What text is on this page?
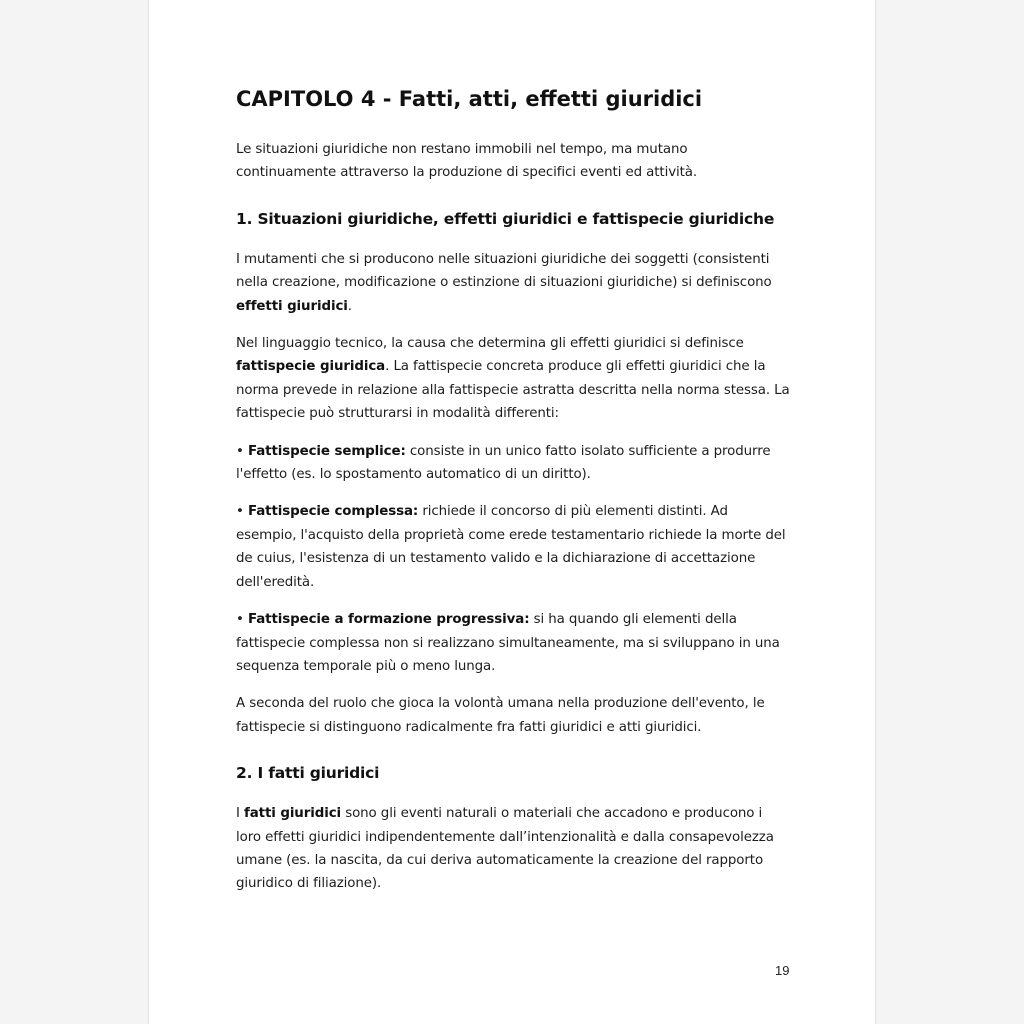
CAPITOLO 4 - Fatti, atti, effetti giuridici

Le situazioni giuridiche non restano immobili nel tempo, ma mutano continuamente attraverso la produzione di specifici eventi ed attività.

1. Situazioni giuridiche, effetti giuridici e fattispecie giuridiche

I mutamenti che si producono nelle situazioni giuridiche dei soggetti (consistenti nella creazione, modificazione o estinzione di situazioni giuridiche) si definiscono effetti giuridici.

Nel linguaggio tecnico, la causa che determina gli effetti giuridici si definisce fattispecie giuridica. La fattispecie concreta produce gli effetti giuridici che la norma prevede in relazione alla fattispecie astratta descritta nella norma stessa. La fattispecie può strutturarsi in modalità differenti:

• Fattispecie semplice: consiste in un unico fatto isolato sufficiente a produrre l'effetto (es. lo spostamento automatico di un diritto).

• Fattispecie complessa: richiede il concorso di più elementi distinti. Ad esempio, l'acquisto della proprietà come erede testamentario richiede la morte del de cuius, l'esistenza di un testamento valido e la dichiarazione di accettazione dell'eredità.

• Fattispecie a formazione progressiva: si ha quando gli elementi della fattispecie complessa non si realizzano simultaneamente, ma si sviluppano in una sequenza temporale più o meno lunga.

A seconda del ruolo che gioca la volontà umana nella produzione dell'evento, le fattispecie si distinguono radicalmente fra fatti giuridici e atti giuridici.

2. I fatti giuridici

I fatti giuridici sono gli eventi naturali o materiali che accadono e producono i loro effetti giuridici indipendentemente dall’intenzionalità e dalla consapevolezza umane (es. la nascita, da cui deriva automaticamente la creazione del rapporto giuridico di filiazione).

19
